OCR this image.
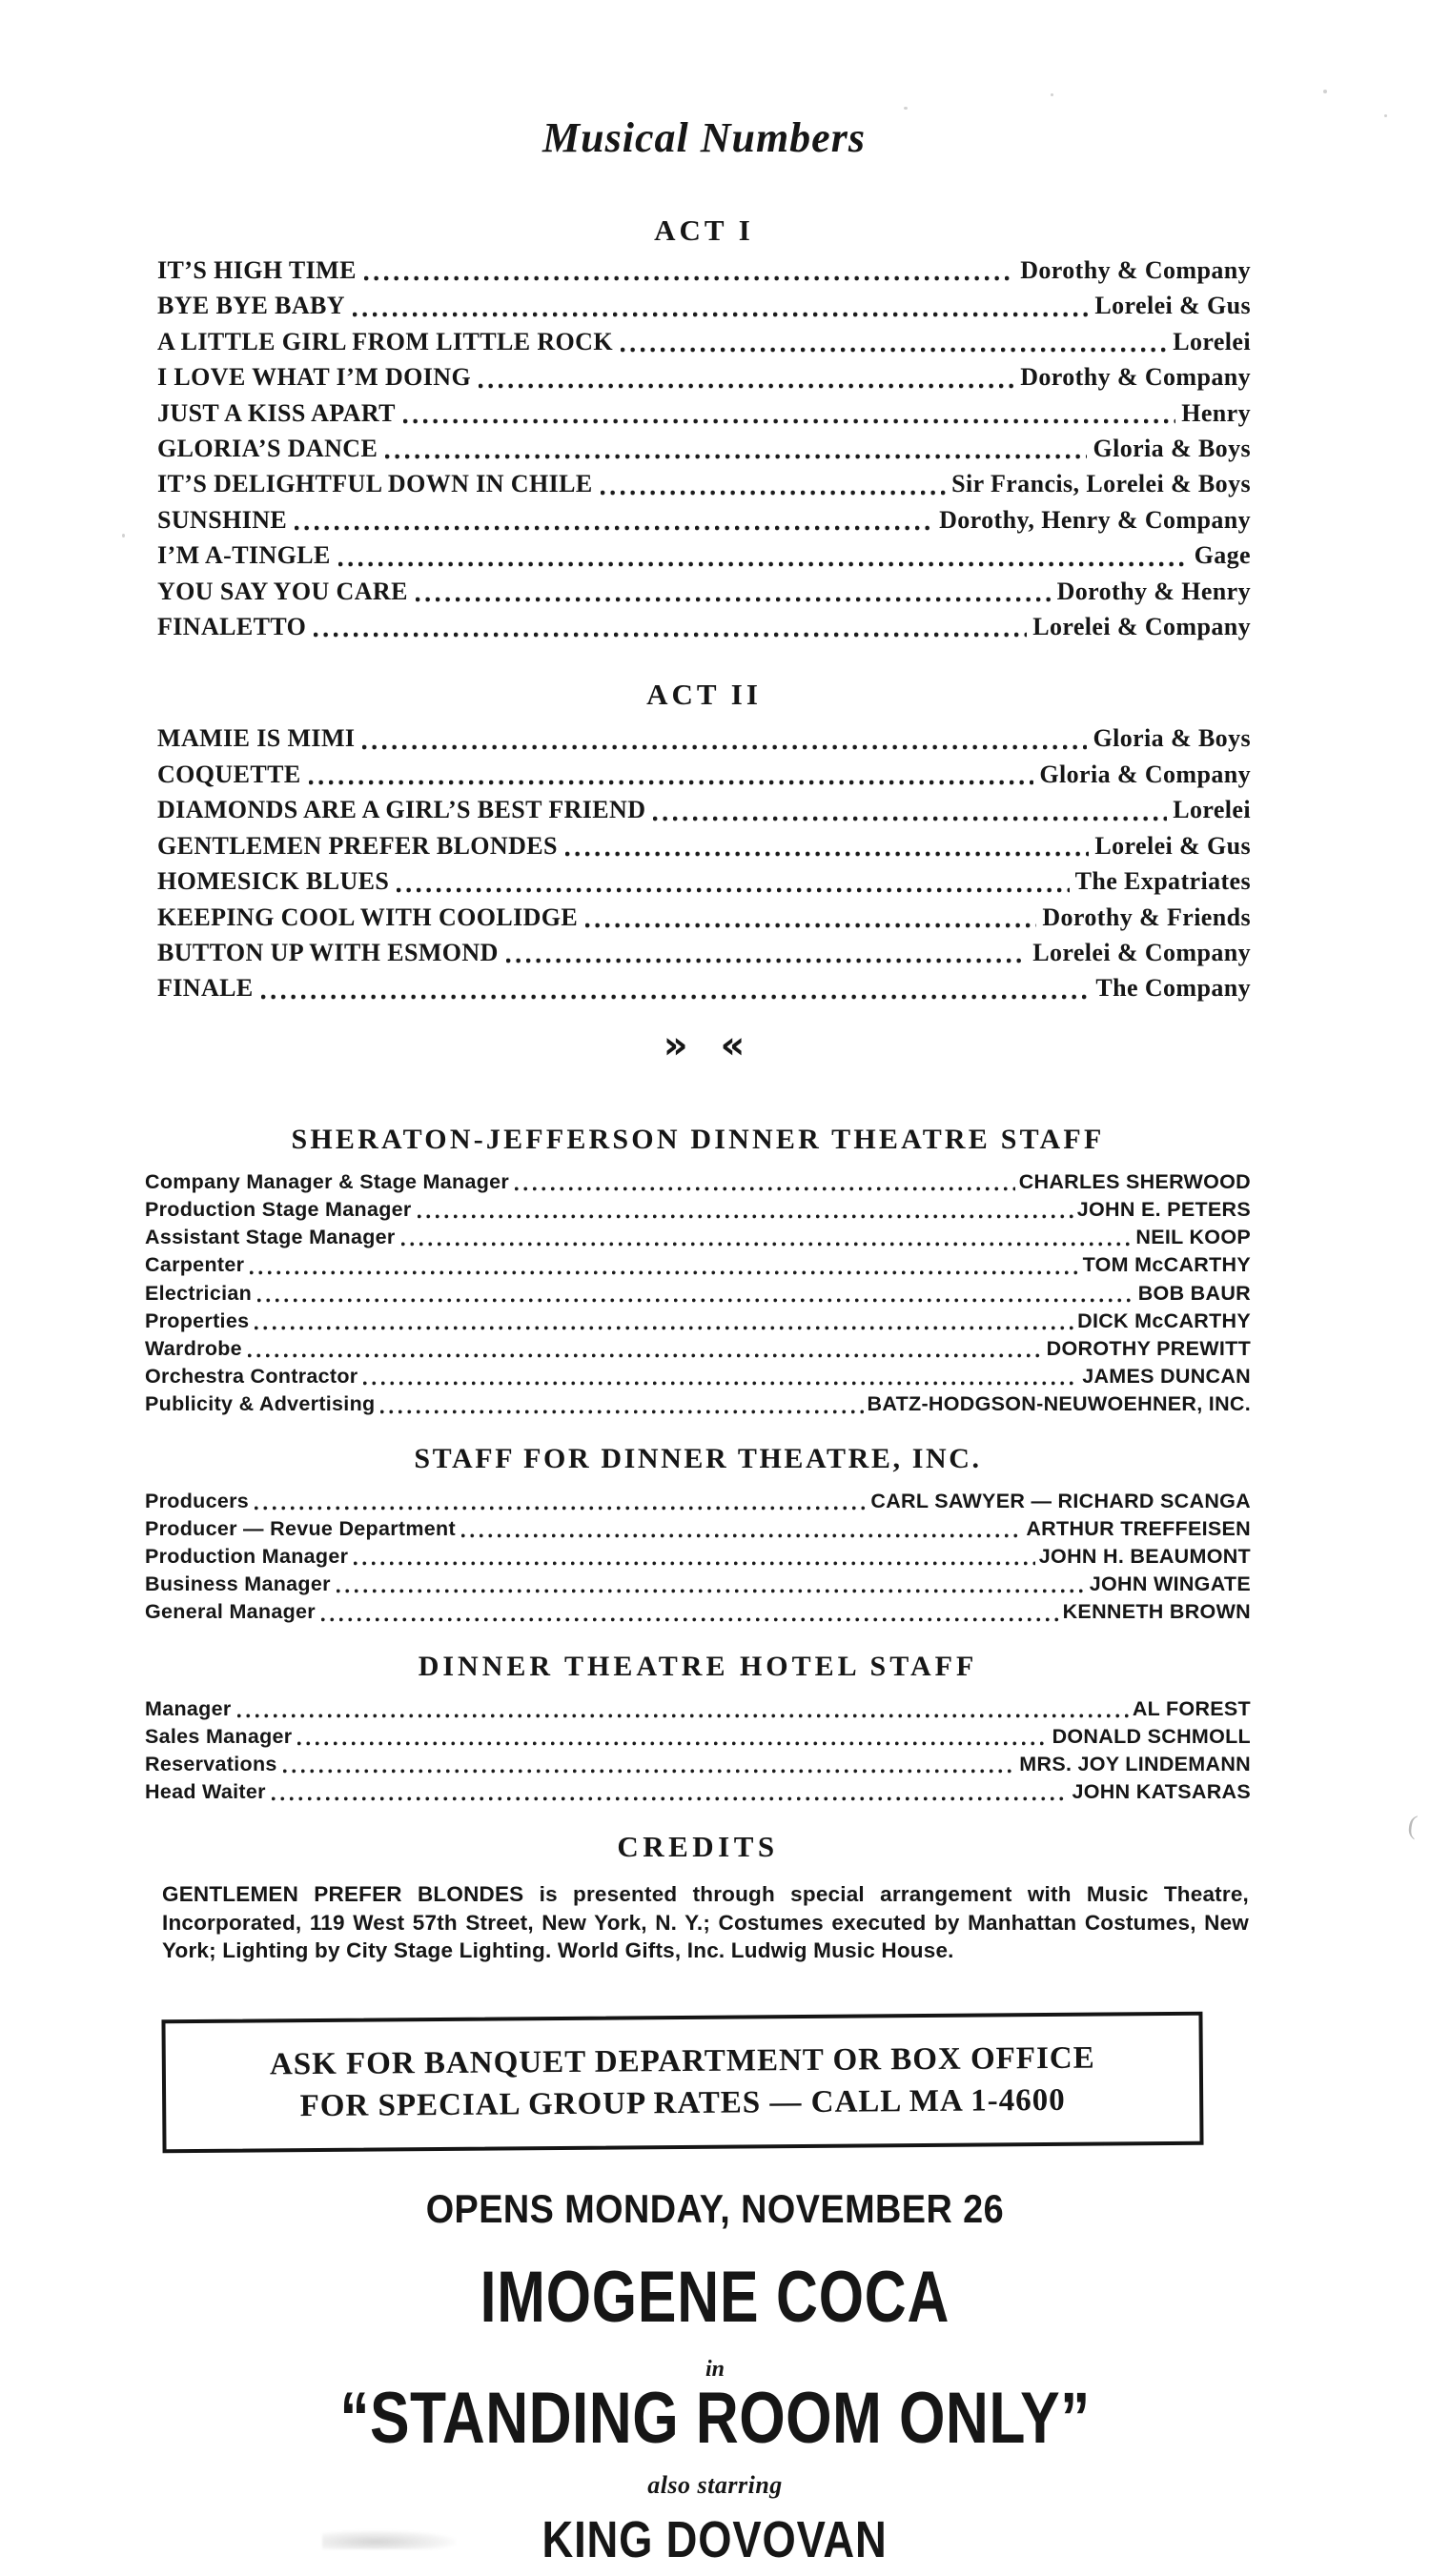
Musical Numbers
ACT I
IT’S HIGH TIME	Dorothy & Company
BYE BYE BABY	Lorelei & Gus
A LITTLE GIRL FROM LITTLE ROCK	Lorelei
I LOVE WHAT I’M DOING	Dorothy & Company
JUST A KISS APART	Henry
GLORIA’S DANCE	Gloria & Boys
IT’S DELIGHTFUL DOWN IN CHILE	Sir Francis, Lorelei & Boys
SUNSHINE	Dorothy, Henry & Company
I’M A-TINGLE	Gage
YOU SAY YOU CARE	Dorothy & Henry
FINALETTO	Lorelei & Company
ACT II
MAMIE IS MIMI	Gloria & Boys
COQUETTE	Gloria & Company
DIAMONDS ARE A GIRL’S BEST FRIEND	Lorelei
GENTLEMEN PREFER BLONDES	Lorelei & Gus
HOMESICK BLUES	The Expatriates
KEEPING COOL WITH COOLIDGE	Dorothy & Friends
BUTTON UP WITH ESMOND	Lorelei & Company
FINALE	The Company
» «
SHERATON-JEFFERSON DINNER THEATRE STAFF
Company Manager & Stage Manager	CHARLES SHERWOOD
Production Stage Manager	JOHN E. PETERS
Assistant Stage Manager	NEIL KOOP
Carpenter	TOM McCARTHY
Electrician	BOB BAUR
Properties	DICK McCARTHY
Wardrobe	DOROTHY PREWITT
Orchestra Contractor	JAMES DUNCAN
Publicity & Advertising	BATZ-HODGSON-NEUWOEHNER, INC.
STAFF FOR DINNER THEATRE, INC.
Producers	CARL SAWYER — RICHARD SCANGA
Producer — Revue Department	ARTHUR TREFFEISEN
Production Manager	JOHN H. BEAUMONT
Business Manager	JOHN WINGATE
General Manager	KENNETH BROWN
DINNER THEATRE HOTEL STAFF
Manager	AL FOREST
Sales Manager	DONALD SCHMOLL
Reservations	MRS. JOY LINDEMANN
Head Waiter	JOHN KATSARAS
CREDITS
GENTLEMEN PREFER BLONDES is presented through special arrangement with Music Theatre, Incorporated, 119 West 57th Street, New York, N. Y.; Costumes executed by Manhattan Costumes, New York; Lighting by City Stage Lighting. World Gifts, Inc. Ludwig Music House.
ASK FOR BANQUET DEPARTMENT OR BOX OFFICE
FOR SPECIAL GROUP RATES — CALL MA 1-4600
OPENS MONDAY, NOVEMBER 26
IMOGENE COCA
in
“STANDING ROOM ONLY”
also starring
KING DOVOVAN
(
